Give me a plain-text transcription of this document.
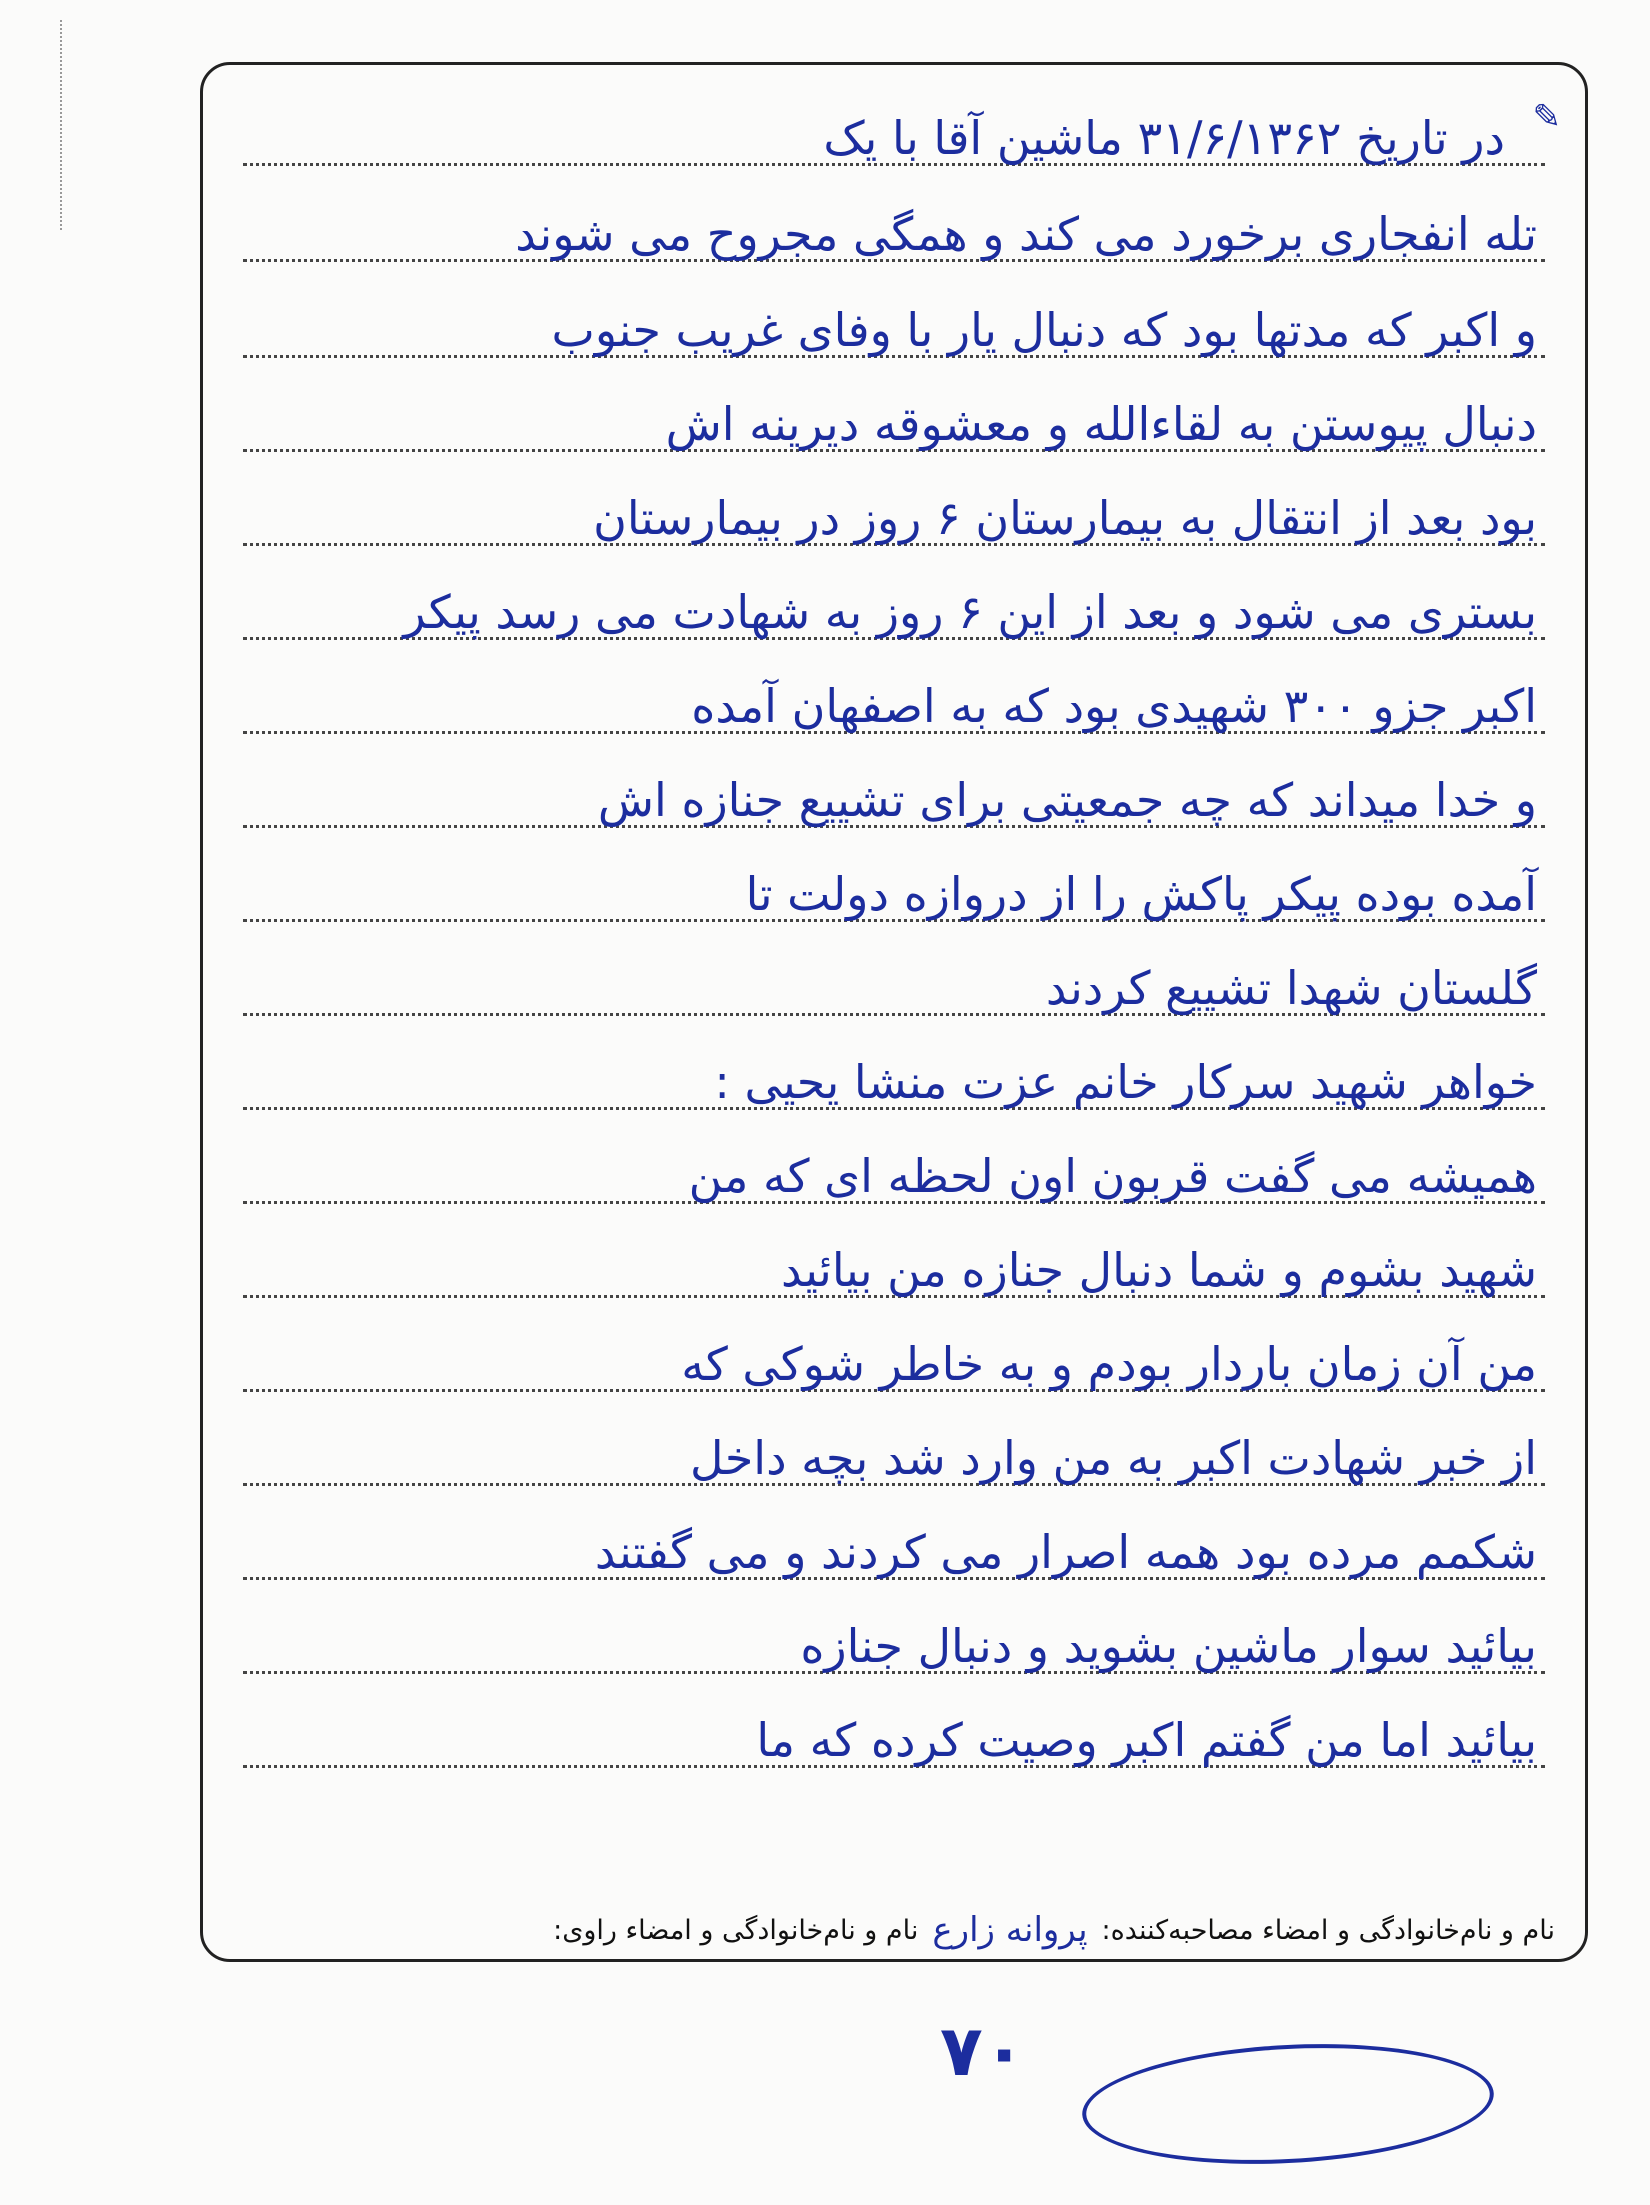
✎
در تاریخ ۳۱/۶/۱۳۶۲ ماشین آقا با یک
تله انفجاری برخورد می کند و همگی مجروح می شوند
و اکبر که مدتها بود که دنبال یار با وفای غریب جنوب
دنبال پیوستن به لقاءالله و معشوقه دیرینه اش
بود بعد از انتقال به بیمارستان ۶ روز در بیمارستان
بستری می شود و بعد از این ۶ روز به شهادت می رسد پیکر
اکبر جزو ۳۰۰ شهیدی بود که به اصفهان آمده
و خدا میداند که چه جمعیتی برای تشییع جنازه اش
آمده بوده پیکر پاکش را از دروازه دولت تا
گلستان شهدا تشییع کردند
خواهر شهید سرکار خانم عزت منشا یحیی :
همیشه می گفت قربون اون لحظه ای که من
شهید بشوم و شما دنبال جنازه من بیائید
من آن زمان باردار بودم و به خاطر شوکی که
از خبر شهادت اکبر به من وارد شد بچه داخل
شکمم مرده بود همه اصرار می کردند و می گفتند
بیائید سوار ماشین بشوید و دنبال جنازه
بیائید اما من گفتم اکبر وصیت کرده که ما
نام و نام‌خانوادگی و امضاء مصاحبه‌کننده:
پروانه زارع
نام و نام‌خانوادگی و امضاء راوی:
۷۰
